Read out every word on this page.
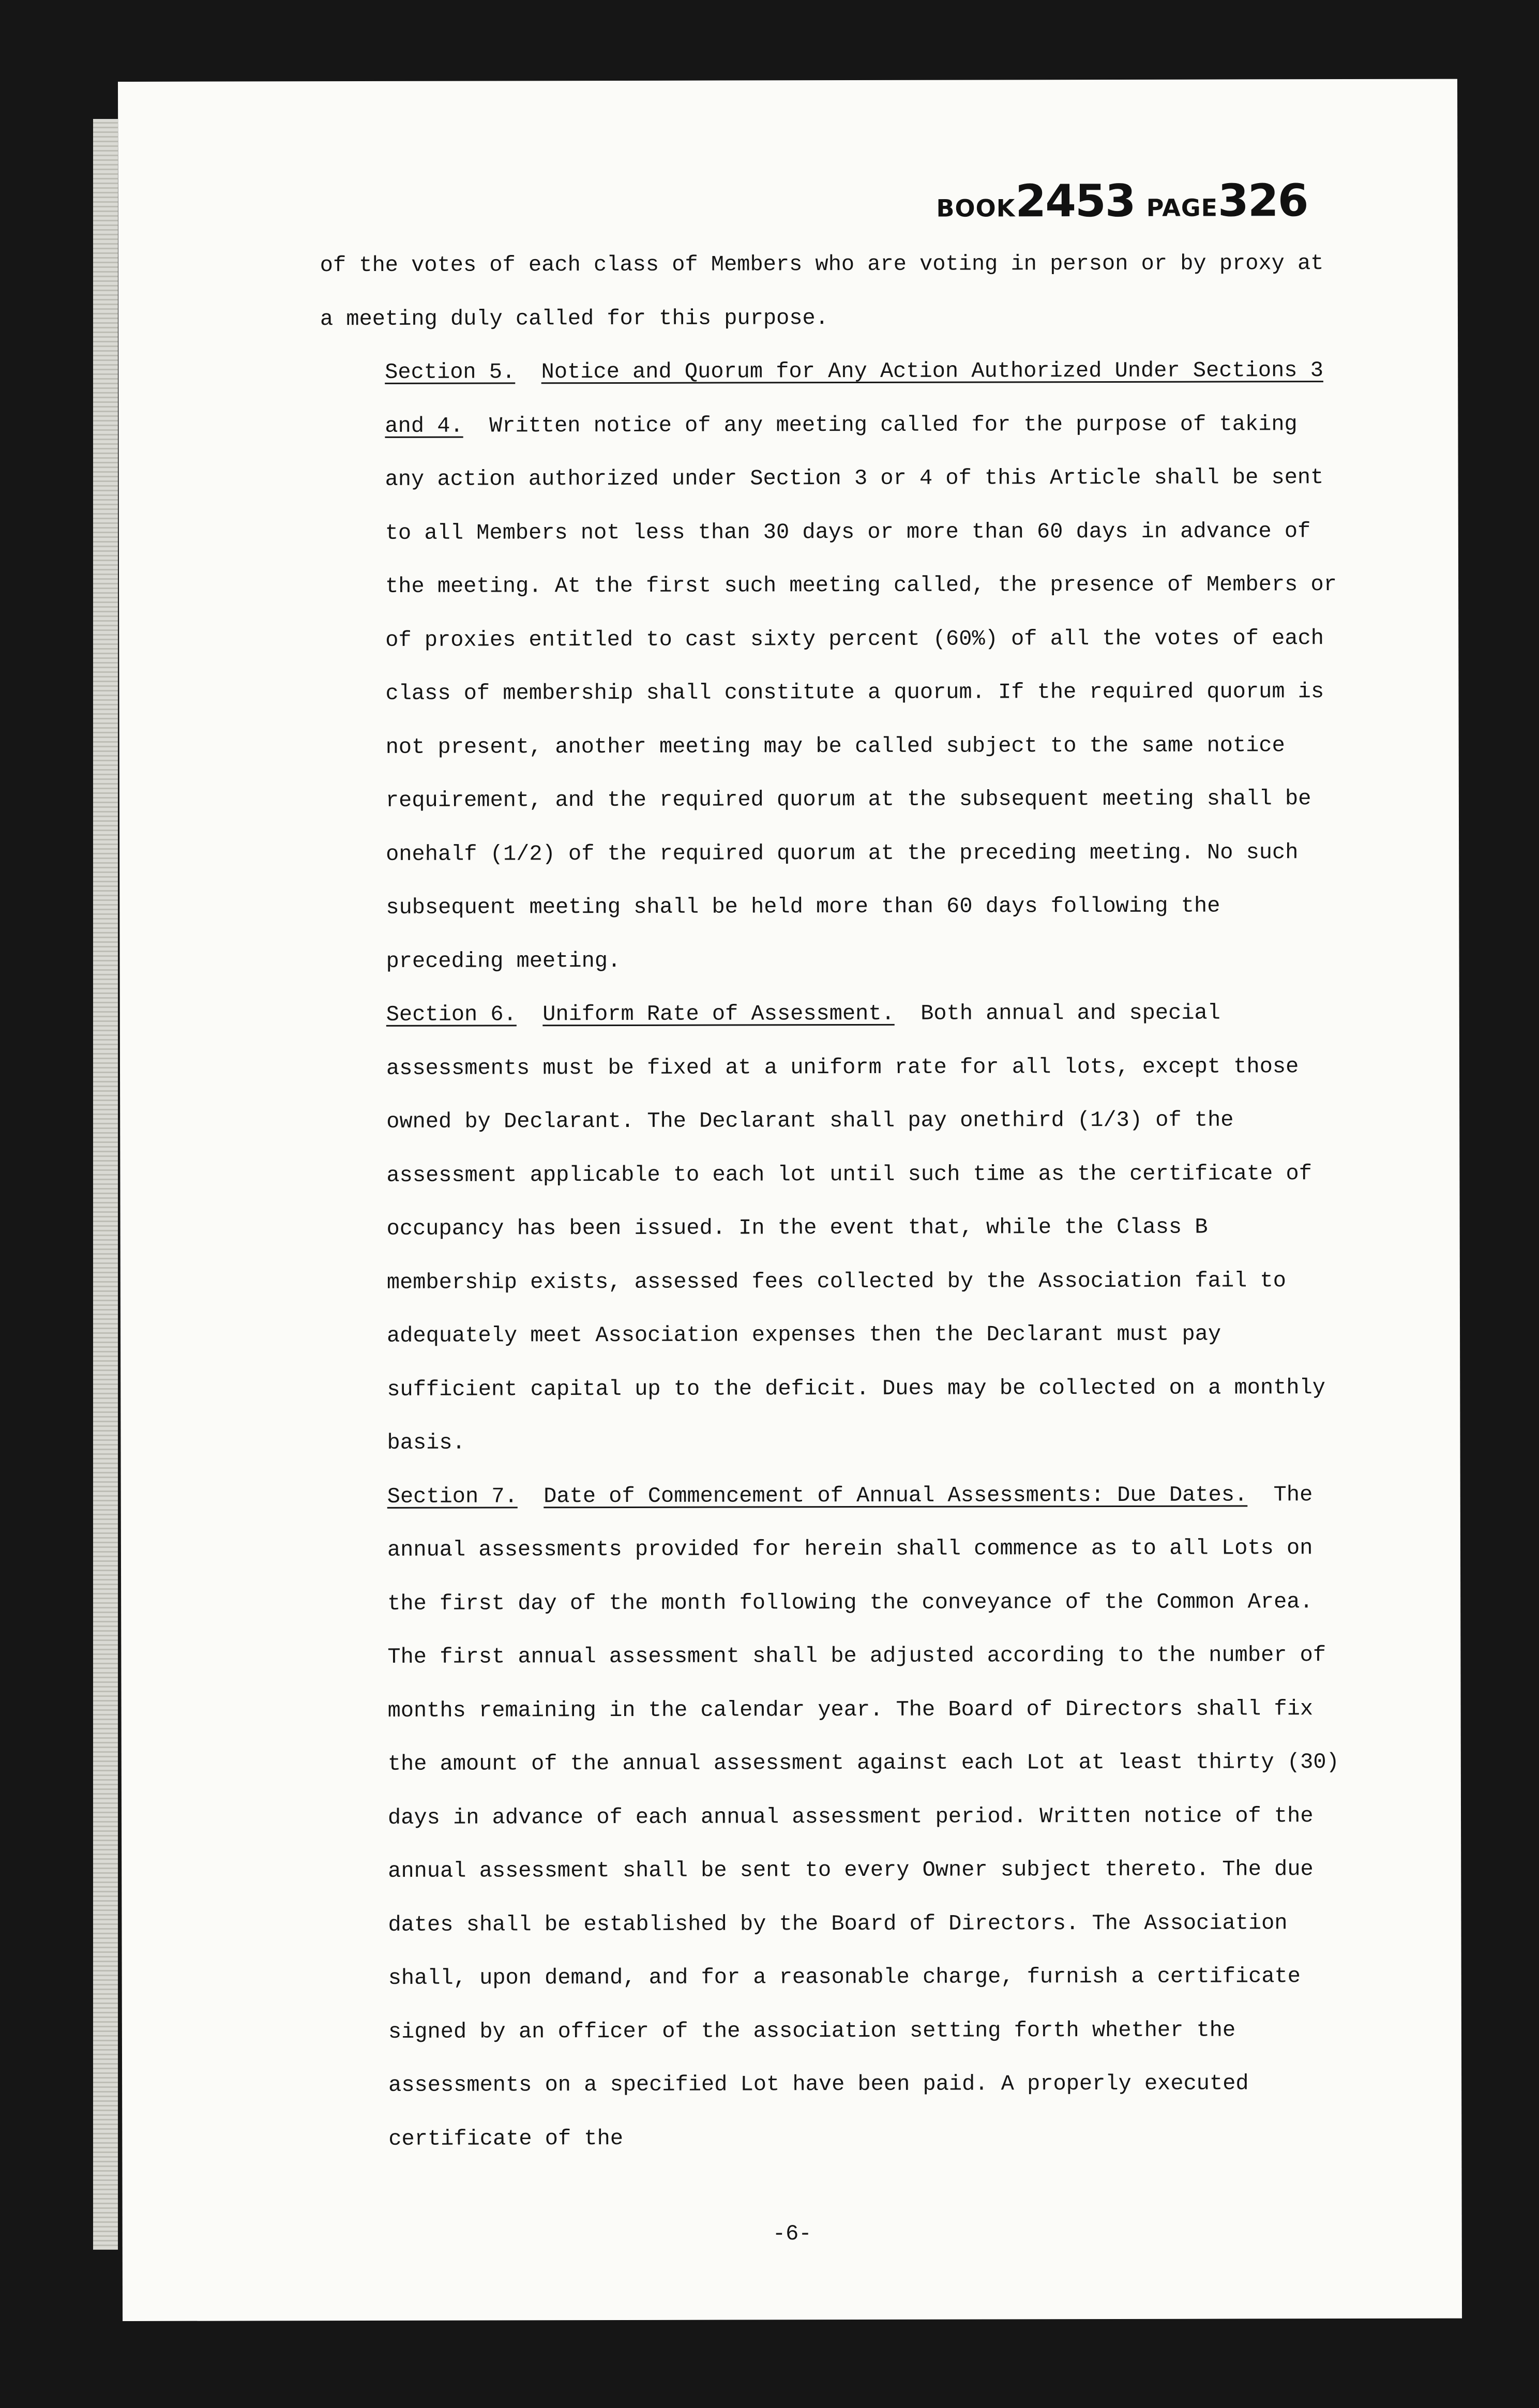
BOOK2453 PAGE326

of the votes of each class of Members who are voting in person or by proxy at a meeting duly called for this purpose.

Section 5. Notice and Quorum for Any Action Authorized Under Sections 3 and 4. Written notice of any meeting called for the purpose of taking any action authorized under Section 3 or 4 of this Article shall be sent to all Members not less than 30 days or more than 60 days in advance of the meeting. At the first such meeting called, the presence of Members or of proxies entitled to cast sixty percent (60%) of all the votes of each class of membership shall constitute a quorum. If the required quorum is not present, another meeting may be called subject to the same notice requirement, and the required quorum at the subsequent meeting shall be onehalf (1/2) of the required quorum at the preceding meeting. No such subsequent meeting shall be held more than 60 days following the preceding meeting.

Section 6. Uniform Rate of Assessment. Both annual and special assessments must be fixed at a uniform rate for all lots, except those owned by Declarant. The Declarant shall pay onethird (1/3) of the assessment applicable to each lot until such time as the certificate of occupancy has been issued. In the event that, while the Class B membership exists, assessed fees collected by the Association fail to adequately meet Association expenses then the Declarant must pay sufficient capital up to the deficit. Dues may be collected on a monthly basis.

Section 7. Date of Commencement of Annual Assessments: Due Dates. The annual assessments provided for herein shall commence as to all Lots on the first day of the month following the conveyance of the Common Area. The first annual assessment shall be adjusted according to the number of months remaining in the calendar year. The Board of Directors shall fix the amount of the annual assessment against each Lot at least thirty (30) days in advance of each annual assessment period. Written notice of the annual assessment shall be sent to every Owner subject thereto. The due dates shall be established by the Board of Directors. The Association shall, upon demand, and for a reasonable charge, furnish a certificate signed by an officer of the association setting forth whether the assessments on a specified Lot have been paid. A properly executed certificate of the

-6-
